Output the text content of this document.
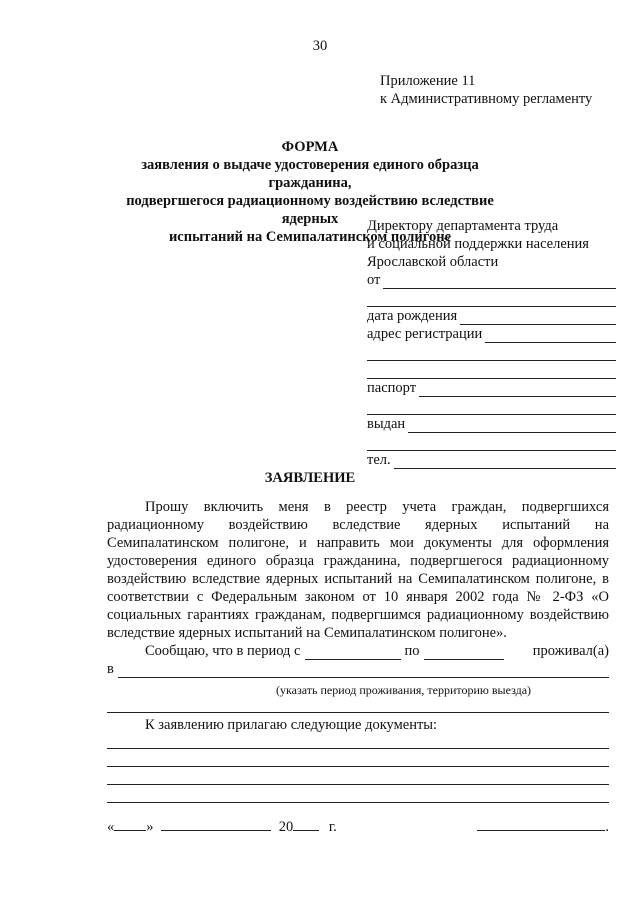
30
Приложение 11
к Административному регламенту
ФОРМА
заявления о выдаче удостоверения единого образца гражданина,
подвергшегося радиационному воздействию вследствие ядерных
испытаний на Семипалатинском полигоне
Директору департамента труда
и социальной поддержки населения
Ярославской области
от
дата рождения
адрес регистрации
паспорт
выдан
тел.
ЗАЯВЛЕНИЕ

Прошу включить меня в реестр учета граждан, подвергшихся радиационному воздействию вследствие ядерных испытаний на Семипалатинском полигоне, и направить мои документы для оформления удостоверения единого образца гражданина, подвергшегося радиационному воздействию вследствие ядерных испытаний на Семипалатинском полигоне, в соответствии с Федеральным законом от 10 января 2002 года № 2-ФЗ «О социальных гарантиях гражданам, подвергшимся радиационному воздействию вследствие ядерных испытаний на Семипалатинском полигоне».

Сообщаю, что в период с	по	проживал(а)
в
(указать период проживания, территорию выезда)
К заявлению прилагаю следующие документы:
« »	20 г.	.
